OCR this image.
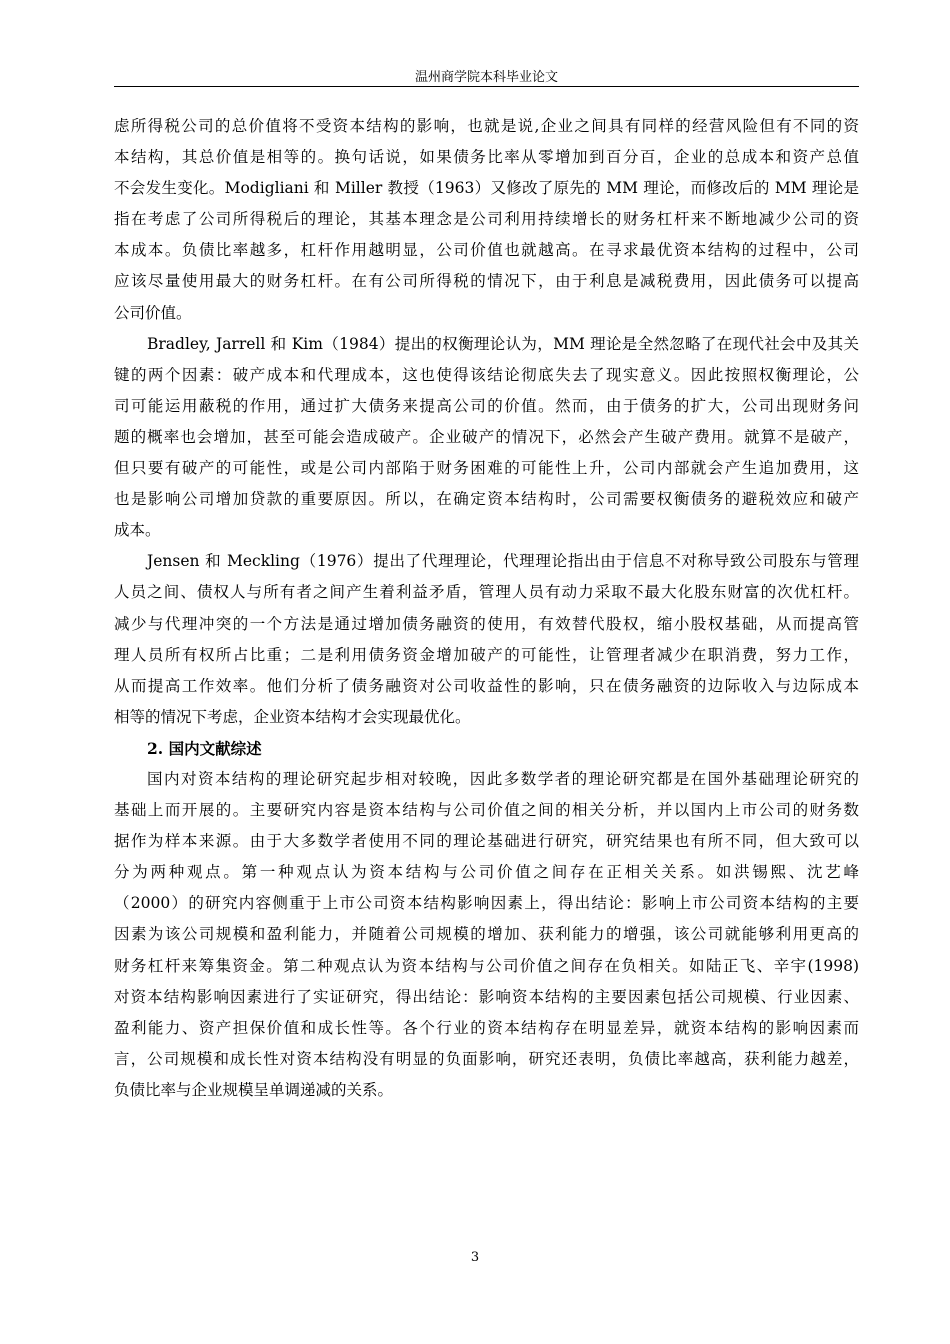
温州商学院本科毕业论文
虑所得税公司的总价值将不受资本结构的影响，也就是说,企业之间具有同样的经营风险但有不同的资
本结构，其总价值是相等的。换句话说，如果债务比率从零增加到百分百，企业的总成本和资产总值
不会发生变化。Modigliani 和 Miller 教授（1963）又修改了原先的 MM 理论，而修改后的 MM 理论是
指在考虑了公司所得税后的理论，其基本理念是公司利用持续增长的财务杠杆来不断地减少公司的资
本成本。负债比率越多，杠杆作用越明显，公司价值也就越高。在寻求最优资本结构的过程中，公司
应该尽量使用最大的财务杠杆。在有公司所得税的情况下，由于利息是减税费用，因此债务可以提高
公司价值。
Bradley, Jarrell 和 Kim（1984）提出的权衡理论认为，MM 理论是全然忽略了在现代社会中及其关
键的两个因素：破产成本和代理成本，这也使得该结论彻底失去了现实意义。因此按照权衡理论，公
司可能运用蔽税的作用，通过扩大债务来提高公司的价值。然而，由于债务的扩大，公司出现财务问
题的概率也会增加，甚至可能会造成破产。企业破产的情况下，必然会产生破产费用。就算不是破产，
但只要有破产的可能性，或是公司内部陷于财务困难的可能性上升，公司内部就会产生追加费用，这
也是影响公司增加贷款的重要原因。所以，在确定资本结构时，公司需要权衡债务的避税效应和破产
成本。
Jensen 和 Meckling（1976）提出了代理理论，代理理论指出由于信息不对称导致公司股东与管理
人员之间、债权人与所有者之间产生着利益矛盾，管理人员有动力采取不最大化股东财富的次优杠杆。
减少与代理冲突的一个方法是通过增加债务融资的使用，有效替代股权，缩小股权基础，从而提高管
理人员所有权所占比重；二是利用债务资金增加破产的可能性，让管理者减少在职消费，努力工作，
从而提高工作效率。他们分析了债务融资对公司收益性的影响，只在债务融资的边际收入与边际成本
相等的情况下考虑，企业资本结构才会实现最优化。
2. 国内文献综述
国内对资本结构的理论研究起步相对较晚，因此多数学者的理论研究都是在国外基础理论研究的
基础上而开展的。主要研究内容是资本结构与公司价值之间的相关分析，并以国内上市公司的财务数
据作为样本来源。由于大多数学者使用不同的理论基础进行研究，研究结果也有所不同，但大致可以
分为两种观点。第一种观点认为资本结构与公司价值之间存在正相关关系。如洪锡熙、沈艺峰
（2000）的研究内容侧重于上市公司资本结构影响因素上，得出结论：影响上市公司资本结构的主要
因素为该公司规模和盈利能力，并随着公司规模的增加、获利能力的增强，该公司就能够利用更高的
财务杠杆来筹集资金。第二种观点认为资本结构与公司价值之间存在负相关。如陆正飞、辛宇(1998)
对资本结构影响因素进行了实证研究，得出结论：影响资本结构的主要因素包括公司规模、行业因素、
盈利能力、资产担保价值和成长性等。各个行业的资本结构存在明显差异，就资本结构的影响因素而
言，公司规模和成长性对资本结构没有明显的负面影响，研究还表明，负债比率越高，获利能力越差，
负债比率与企业规模呈单调递减的关系。
3
